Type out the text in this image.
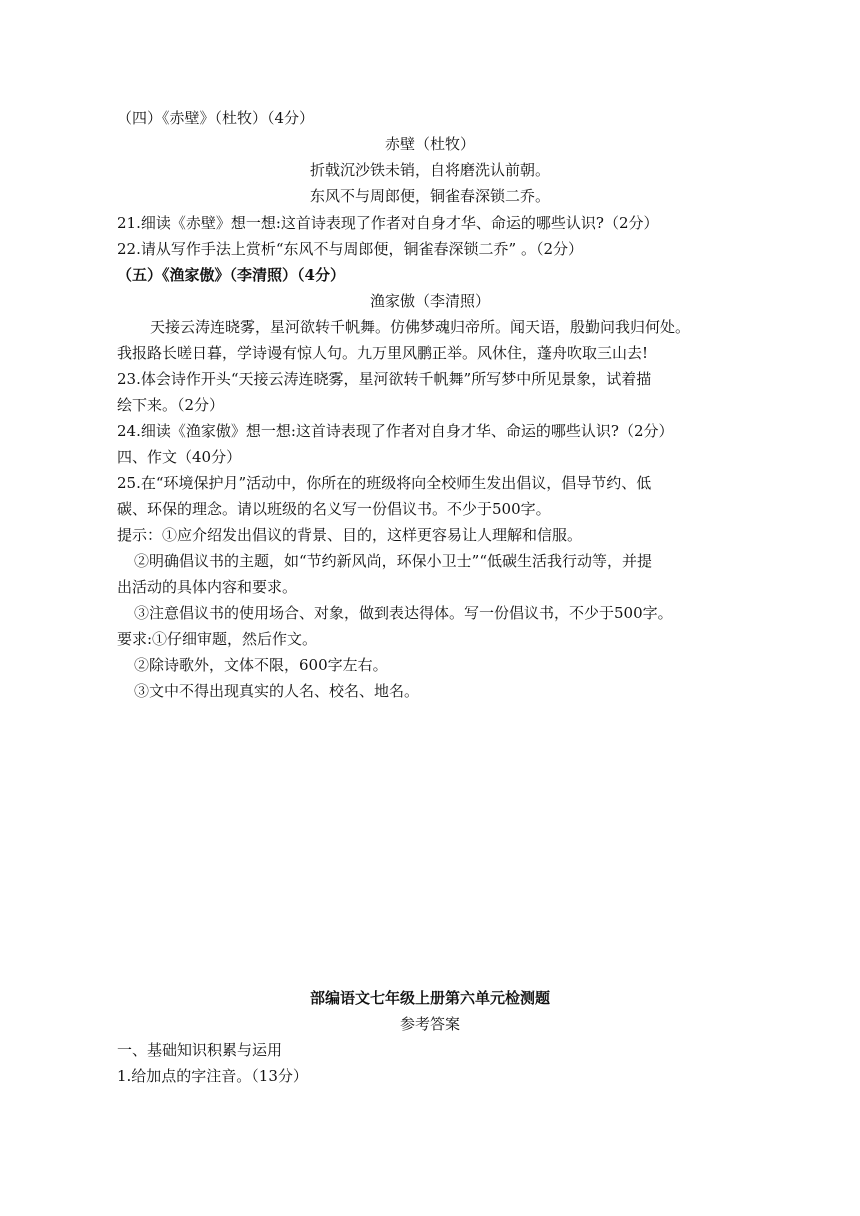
（四）《赤壁》（杜牧）（4分）
赤壁（杜牧）
折戟沉沙铁未销，自将磨洗认前朝。
东风不与周郎便，铜雀春深锁二乔。
21.细读《赤壁》想一想:这首诗表现了作者对自身才华、命运的哪些认识?（2分）
22.请从写作手法上赏析“东风不与周郎便，铜雀春深锁二乔” 。（2分）
（五）《渔家傲》（李清照）（4分）
渔家傲（李清照）
天接云涛连晓雾，星河欲转千帆舞。仿佛梦魂归帝所。闻天语，殷勤问我归何处。
我报路长嗟日暮，学诗谩有惊人句。九万里风鹏正举。风休住，蓬舟吹取三山去!
23.体会诗作开头“天接云涛连晓雾，星河欲转千帆舞”所写梦中所见景象，试着描
绘下来。（2分）
24.细读《渔家傲》想一想:这首诗表现了作者对自身才华、命运的哪些认识?（2分）
四、作文（40分）
25.在“环境保护月”活动中，你所在的班级将向全校师生发出倡议，倡导节约、低
碳、环保的理念。请以班级的名义写一份倡议书。不少于500字。
提示：①应介绍发出倡议的背景、目的，这样更容易让人理解和信服。
②明确倡议书的主题，如“节约新风尚，环保小卫士”“低碳生活我行动等，并提
出活动的具体内容和要求。
③注意倡议书的使用场合、对象，做到表达得体。写一份倡议书，不少于500字。
要求:①仔细审题，然后作文。
②除诗歌外，文体不限，600字左右。
③文中不得出现真实的人名、校名、地名。
部编语文七年级上册第六单元检测题
参考答案
一、基础知识积累与运用
1.给加点的字注音。（13分）
